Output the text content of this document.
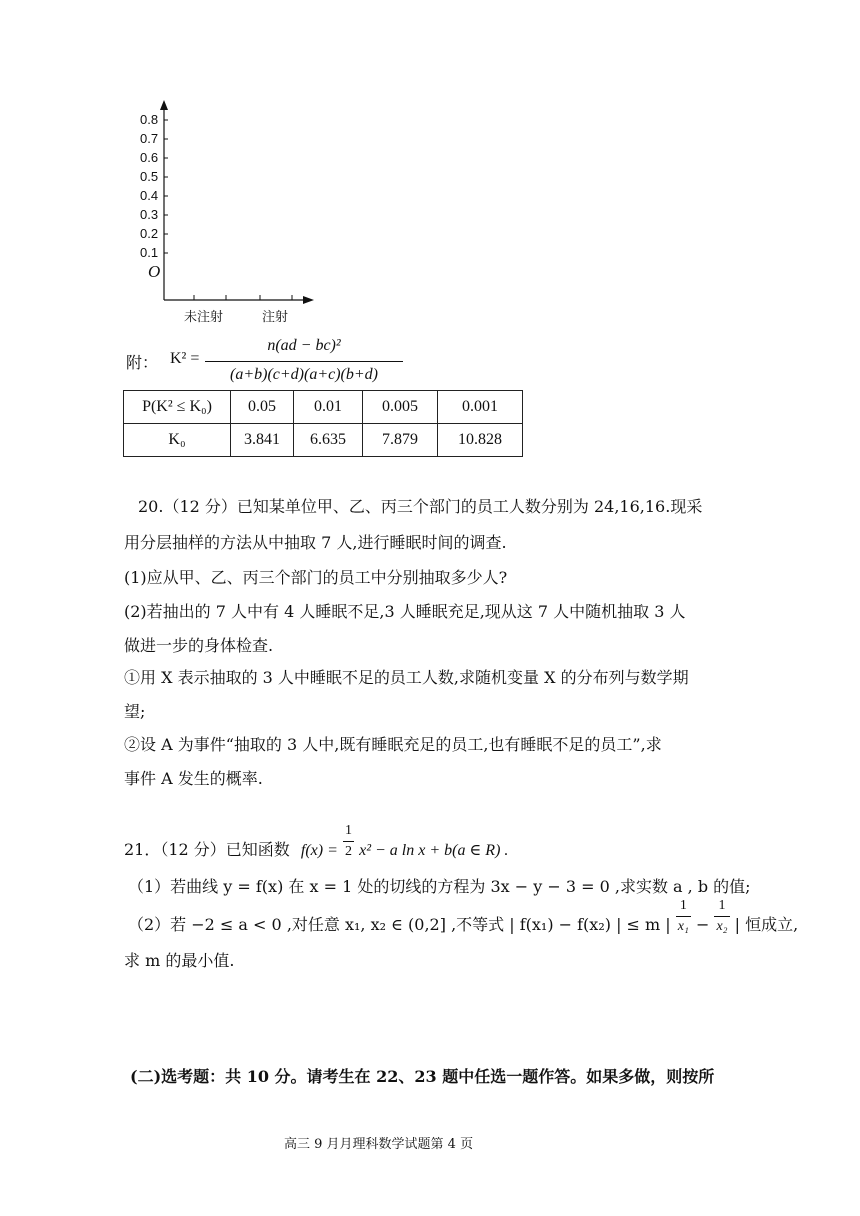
0.8
0.7
0.6
0.5
0.4
0.3
0.2
0.1
O
未注射	注射
附： K² =
n(ad − bc)²
(a+b)(c+d)(a+c)(b+d)
P(K² ≤ K₀)	0.05	0.01	0.005	0.001
K₀	3.841	6.635	7.879	10.828
20.（12 分）已知某单位甲、乙、丙三个部门的员工人数分别为 24,16,16.现采
用分层抽样的方法从中抽取 7 人,进行睡眠时间的调查.
(1)应从甲、乙、丙三个部门的员工中分别抽取多少人?
(2)若抽出的 7 人中有 4 人睡眠不足,3 人睡眠充足,现从这 7 人中随机抽取 3 人
做进一步的身体检查.
①用 X 表示抽取的 3 人中睡眠不足的员工人数,求随机变量 X 的分布列与数学期
望;
②设 A 为事件“抽取的 3 人中,既有睡眠充足的员工,也有睡眠不足的员工”,求
事件 A 发生的概率.
21．（12 分）已知函数 $f(x) = \frac{1}{2} x^2 - a$ ln x + b(a ∈ R) .
（1）若曲线 y = f(x) 在 x = 1 处的切线的方程为 3x − y − 3 = 0 ,求实数 a , b 的值;
（2）若 −2 ≤ a < 0 ,对任意 x₁, x₂ ∈ (0,2] ,不等式 | f(x₁) − f(x₂) | ≤ m | $\frac{1}{\text{x₁}} - \frac{1}{\text{x₂}}$ | 恒成立,
求 m 的最小值.
(二)选考题：共 10 分。请考生在 22、23 题中任选一题作答。如果多做，则按所
高三 9 月月理科数学试题第 4 页
